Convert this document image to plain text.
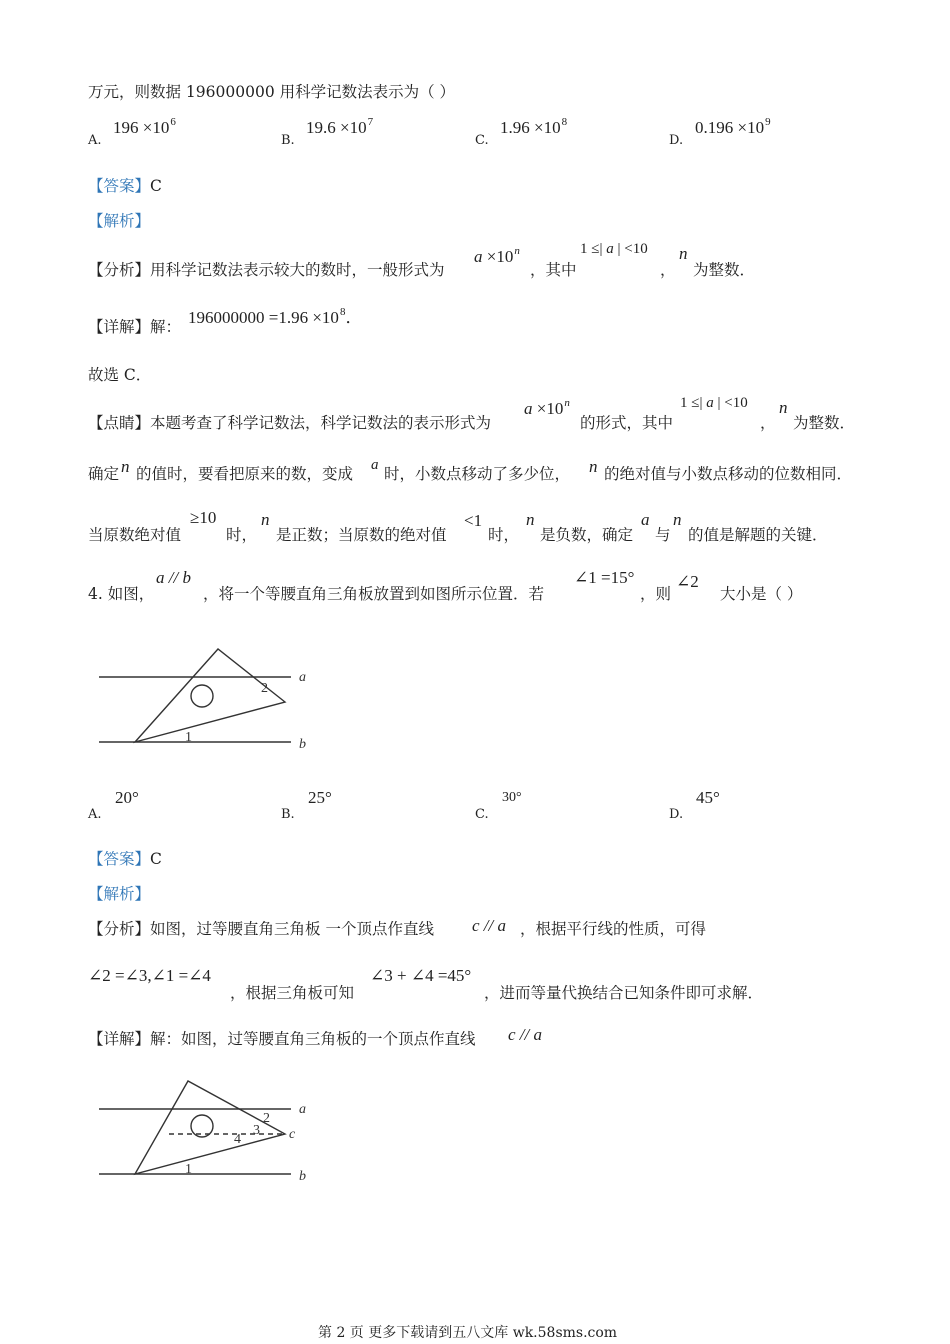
万元，则数据 196000000 用科学记数法表示为（ ）
A.
$196 \times 10^6$
B.
$19.6 \times 10^7$
C.
$1.96 \times 10^8$
D.
$0.196 \times 10^9$
【答案】C
【解析】
【分析】用科学记数法表示较大的数时，一般形式为
$a \times 10^n$
，其中
1 ≤| a | <10
，
n
为整数．
【详解】解： $196000000 =1.96 \times 10^8$．
故选 C．
【点睛】本题考查了科学记数法，科学记数法的表示形式为
$a \times 10^n$
的形式，其中
1 ≤| a | <10
，
n
为整数．
确定 n 的值时，要看把原来的数，变成 a 时，小数点移动了多少位， n 的绝对值与小数点移动的位数相同．
当原数绝对值
≥10
时，
n
是正数；当原数的绝对值
<1
时，
n
是负数，确定
a
与
n
的值是解题的关键．
4. 如图，
a // b
，将一个等腰直角三角板放置到如图所示位置．若
∠1 =15°
，则
∠2
大小是（ ）
a
b
2
1
A.
20°
B.
25°
C.
30°
D.
45°
【答案】C
【解析】
【分析】如图，过等腰直角三角板 一个顶点作直线 c // a ，根据平行线的性质，可得
∠2 =∠3,∠1 =∠4
，根据三角板可知
∠3 + ∠4 =45°
，进而等量代换结合已知条件即可求解．
【详解】解：如图，过等腰直角三角板的一个顶点作直线 c // a
a
b
c
2
3
4
1
第 2 页 更多下载请到五八文库 wk.58sms.com
